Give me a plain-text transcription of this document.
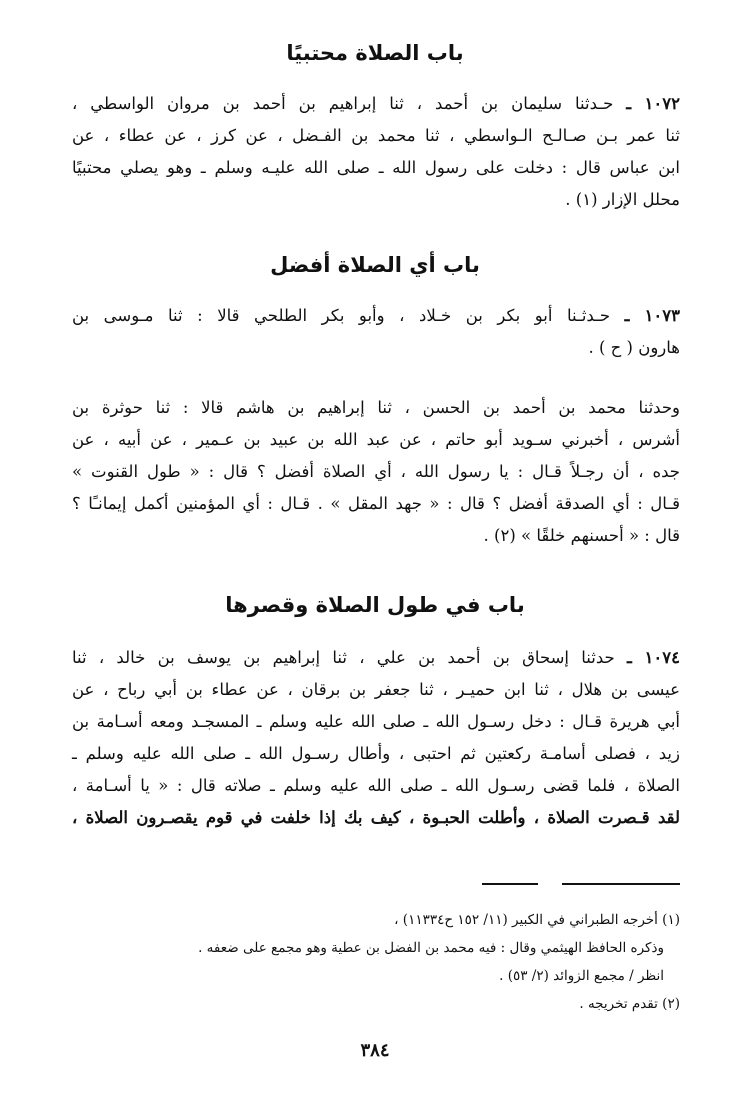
باب الصلاة محتبيًا
١٠٧٢ ـ حـدثنا سليمان بن أحمد ، ثنا إبراهيم بن أحمد بن مروان الواسطي ،
ثنا عمر بـن صـالـح الـواسطي ، ثنا محمد بن الفـضل ، عن كرز ، عن عطاء ، عن
ابن عباس قال : دخلت على رسول الله ـ صلى الله عليـه وسلم ـ وهو يصلي محتبيًا
محلل الإزار (١) .
باب أي الصلاة أفضل
١٠٧٣ ـ حـدثـنا أبو بكر بن خـلاد ، وأبو بكر الطلحي قالا : ثنا مـوسى بن
هارون ( ح ) .
وحدثنا محمد بن أحمد بن الحسن ، ثنا إبراهيم بن هاشم قالا : ثنا حوثرة بن
أشرس ، أخبرني سـويد أبو حاتم ، عن عبد الله بن عبيد بن عـمير ، عن أبيه ، عن
جده ، أن رجـلاً قـال : يا رسول الله ، أي الصلاة أفضل ؟ قال : « طول القنوت »
قـال : أي الصدقة أفضل ؟ قال : « جهد المقل » . قـال : أي المؤمنين أكمل إيمانـًا ؟
قال : « أحسنهم خلقًا » (٢) .
باب في طول الصلاة وقصرها
١٠٧٤ ـ حدثنا إسحاق بن أحمد بن علي ، ثنا إبراهيم بن يوسف بن خالد ، ثنا
عيسى بن هلال ، ثنا ابن حميـر ، ثنا جعفر بن برقان ، عن عطاء بن أبي رباح ، عن
أبي هريرة قـال : دخل رسـول الله ـ صلى الله عليه وسلم ـ المسجـد ومعه أسـامة بن
زيد ، فصلى أسامـة ركعتين ثم احتبى ، وأطال رسـول الله ـ صلى الله عليه وسلم ـ
الصلاة ، فلما قضى رسـول الله ـ صلى الله عليه وسلم ـ صلاته قال : « يا أسـامة ،
لقد قـصرت الصلاة ، وأطلت الحبـوة ، كيف بك إذا خلفت في قوم يقصـرون الصلاة ،
(١) أخرجه الطبراني في الكبير (١١/ ١٥٢ ح١١٣٣٤) ،
وذكره الحافظ الهيثمي وقال : فيه محمد بن الفضل بن عطية وهو مجمع على ضعفه .
انظر / مجمع الزوائد (٢/ ٥٣) .
(٢) تقدم تخريجه .
٣٨٤
